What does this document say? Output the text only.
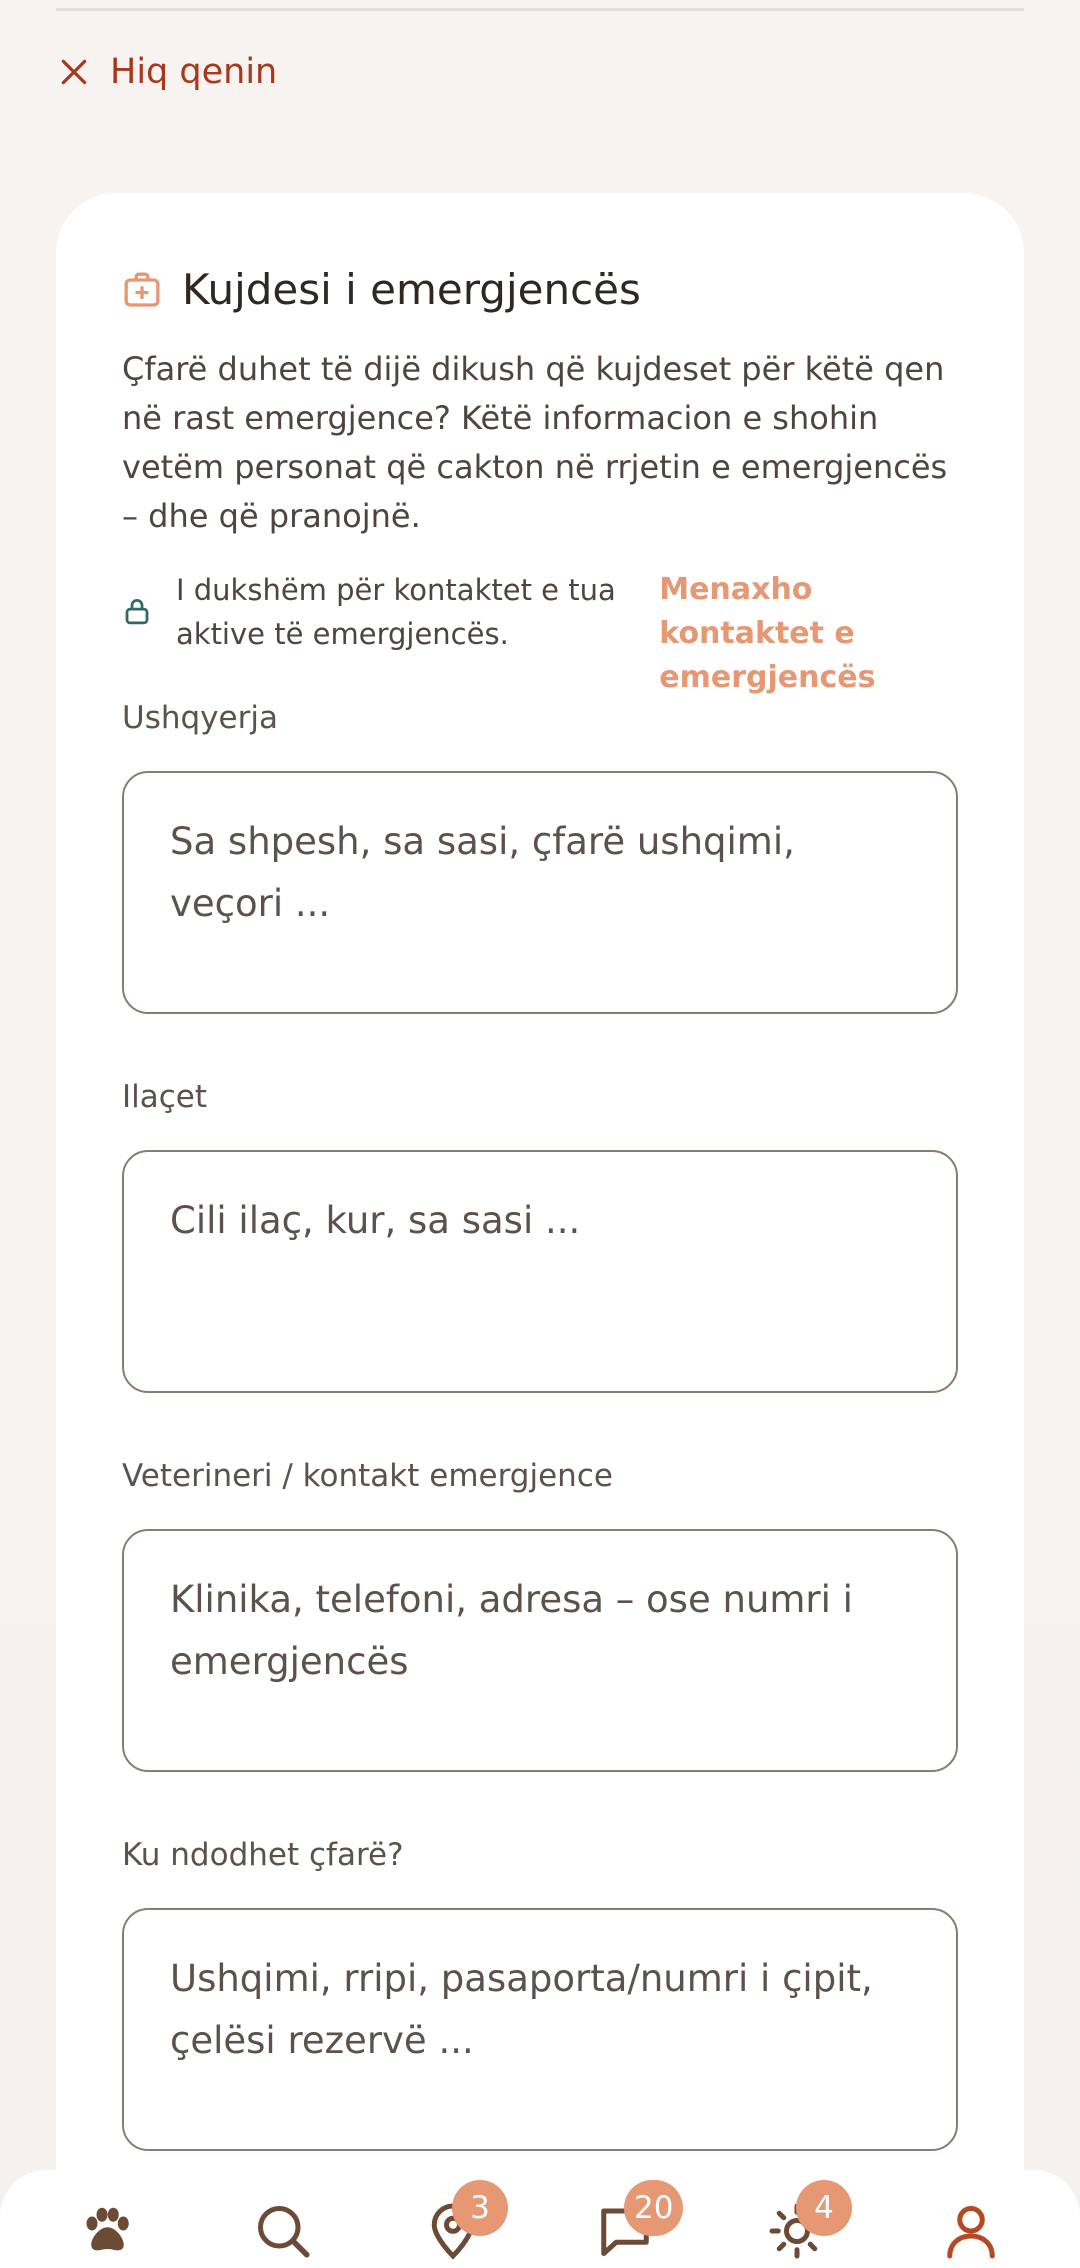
Hiq qenin
Kujdesi i emergjencës

Çfarë duhet të dijë dikush që kujdeset për këtë qen në rast emergjence? Këtë informacion e shohin vetëm personat që cakton në rrjetin e emergjencës – dhe që pranojnë.

I dukshëm për kontaktet e tua aktive të emergjencës.
Menaxho kontaktet e emergjencës
Ushqyerja
Sa shpesh, sa sasi, çfarë ushqimi, veçori ...
Ilaçet
Cili ilaç, kur, sa sasi ...
Veterineri / kontakt emergjence
Klinika, telefoni, adresa – ose numri i emergjencës
Ku ndodhet çfarë?
Ushqimi, rripi, pasaporta/numri i çipit, çelësi rezervë ...
3	20	4
